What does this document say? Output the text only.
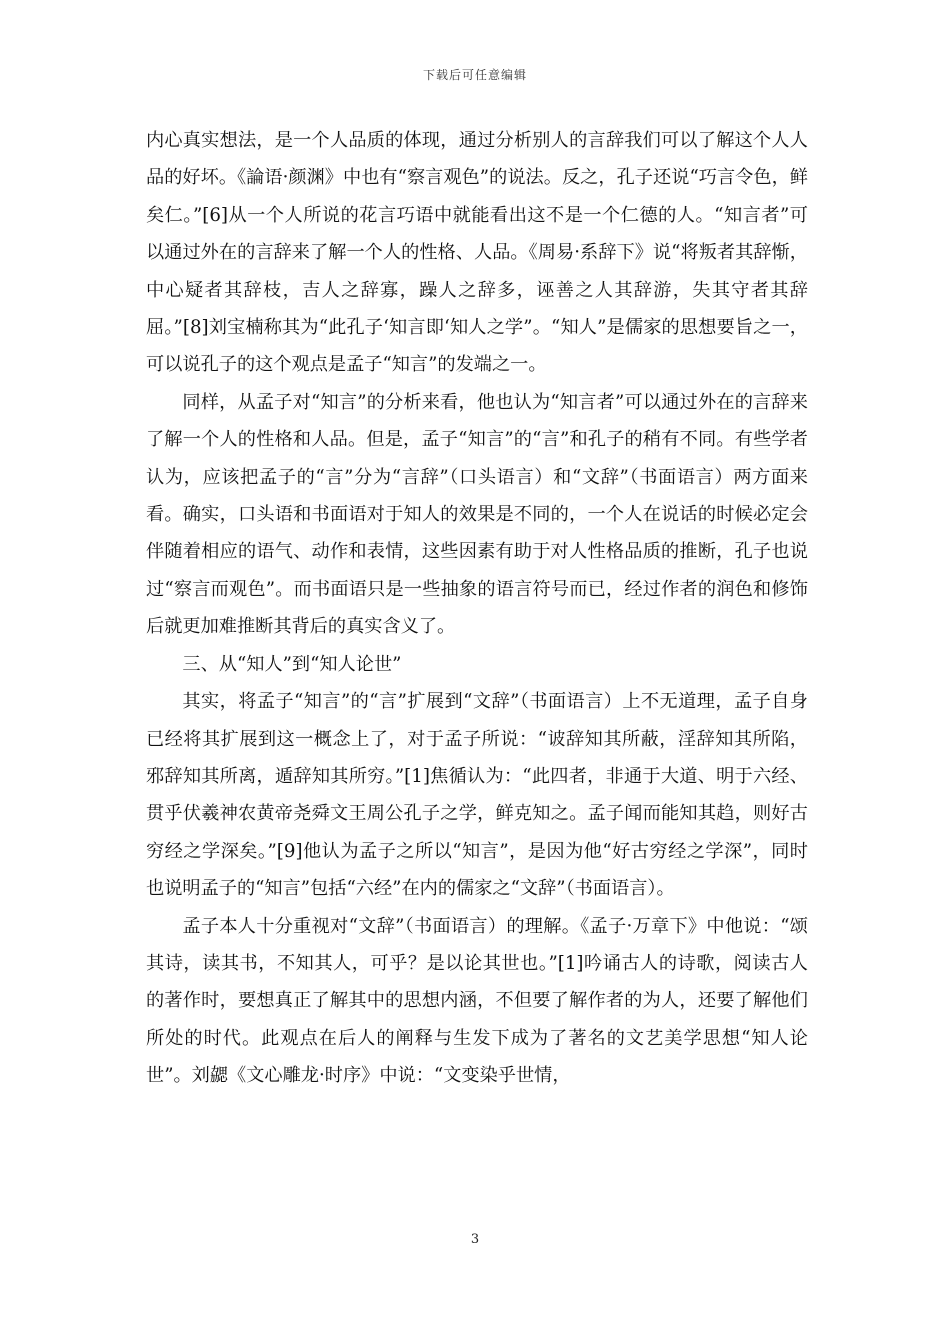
下载后可任意编辑

内心真实想法，是一个人品质的体现，通过分析别人的言辞我们可以了解这个人人品的好坏。《論语·颜渊》中也有“察言观色”的说法。反之，孔子还说“巧言令色，鲜矣仁。”[6]从一个人所说的花言巧语中就能看出这不是一个仁德的人。“知言者”可以通过外在的言辞来了解一个人的性格、人品。《周易·系辞下》说“将叛者其辞惭，中心疑者其辞枝，吉人之辞寡，躁人之辞多，诬善之人其辞游，失其守者其辞屈。”[8]刘宝楠称其为“此孔子‘知言即‘知人之学”。“知人”是儒家的思想要旨之一，可以说孔子的这个观点是孟子“知言”的发端之一。

同样，从孟子对“知言”的分析来看，他也认为“知言者”可以通过外在的言辞来了解一个人的性格和人品。但是，孟子“知言”的“言”和孔子的稍有不同。有些学者认为，应该把孟子的“言”分为“言辞”（口头语言）和“文辞”（书面语言）两方面来看。确实，口头语和书面语对于知人的效果是不同的，一个人在说话的时候必定会伴随着相应的语气、动作和表情，这些因素有助于对人性格品质的推断，孔子也说过“察言而观色”。而书面语只是一些抽象的语言符号而已，经过作者的润色和修饰后就更加难推断其背后的真实含义了。

三、从“知人”到“知人论世”

其实，将孟子“知言”的“言”扩展到“文辞”（书面语言）上不无道理，孟子自身已经将其扩展到这一概念上了，对于孟子所说：“诐辞知其所蔽，淫辞知其所陷，邪辞知其所离，遁辞知其所穷。”[1]焦循认为：“此四者，非通于大道、明于六经、贯乎伏羲神农黄帝尧舜文王周公孔子之学，鲜克知之。孟子闻而能知其趋，则好古穷经之学深矣。”[9]他认为孟子之所以“知言”，是因为他“好古穷经之学深”，同时也说明孟子的“知言”包括“六经”在内的儒家之“文辞”（书面语言）。

孟子本人十分重视对“文辞”（书面语言）的理解。《孟子·万章下》中他说：“颂其诗，读其书，不知其人，可乎？是以论其世也。”[1]吟诵古人的诗歌，阅读古人的著作时，要想真正了解其中的思想内涵，不但要了解作者的为人，还要了解他们所处的时代。此观点在后人的阐释与生发下成为了著名的文艺美学思想“知人论世”。刘勰《文心雕龙·时序》中说：“文变染乎世情，

3
